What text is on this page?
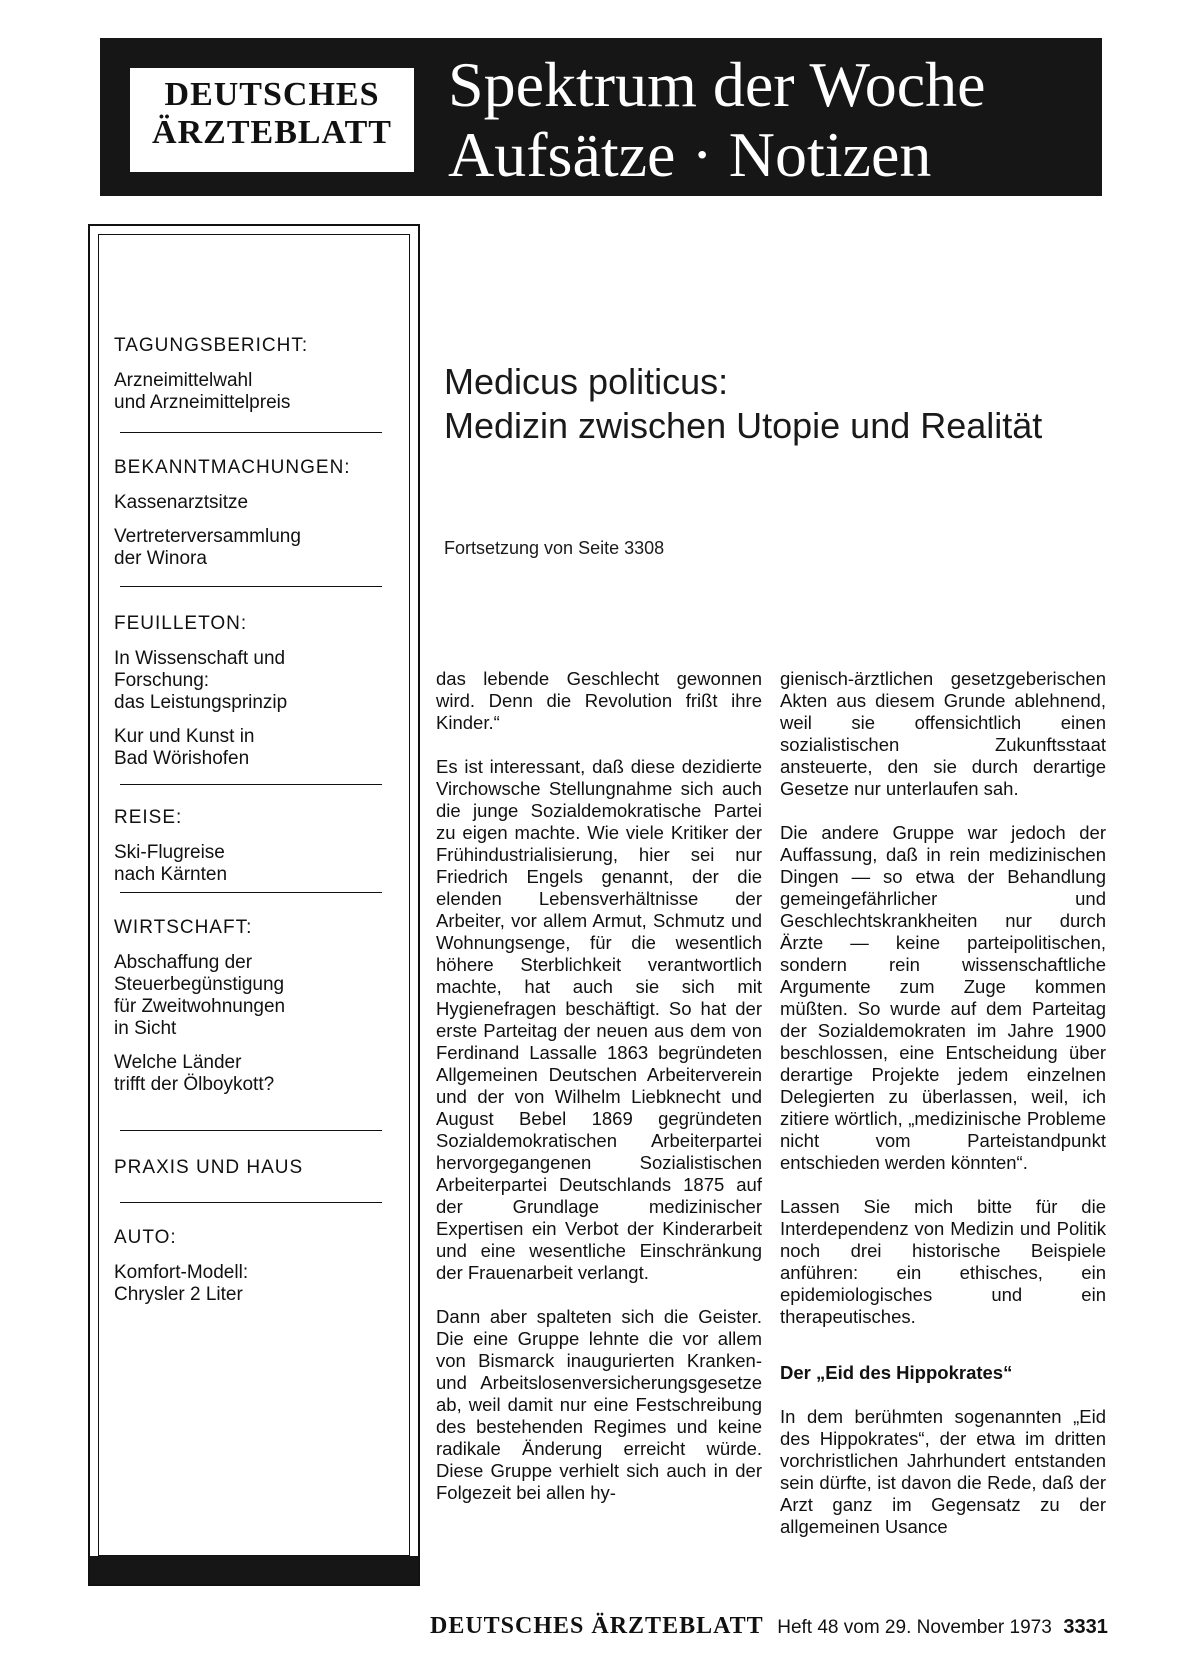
DEUTSCHES
ÄRZTEBLATT
Spektrum der Woche
Aufsätze · Notizen
TAGUNGSBERICHT:
Arzneimittelwahl
und Arzneimittelpreis
BEKANNTMACHUNGEN:
Kassenarztsitze
Vertreterversammlung
der Winora
FEUILLETON:
In Wissenschaft und
Forschung:
das Leistungsprinzip
Kur und Kunst in
Bad Wörishofen
REISE:
Ski-Flugreise
nach Kärnten
WIRTSCHAFT:
Abschaffung der
Steuerbegünstigung
für Zweitwohnungen
in Sicht
Welche Länder
trifft der Ölboykott?
PRAXIS UND HAUS
AUTO:
Komfort-Modell:
Chrysler 2 Liter
Medicus politicus:
Medizin zwischen Utopie und Realität
Fortsetzung von Seite 3308

das lebende Geschlecht gewonnen wird. Denn die Revolution frißt ihre Kinder.“

Es ist interessant, daß diese dezidierte Virchowsche Stellungnahme sich auch die junge Sozialdemokratische Partei zu eigen machte. Wie viele Kritiker der Frühindustrialisierung, hier sei nur Friedrich Engels genannt, der die elenden Lebensverhältnisse der Arbeiter, vor allem Armut, Schmutz und Wohnungsenge, für die wesentlich höhere Sterblichkeit verantwortlich machte, hat auch sie sich mit Hygienefragen beschäftigt. So hat der erste Parteitag der neuen aus dem von Ferdinand Lassalle 1863 begründeten Allgemeinen Deutschen Arbeiterverein und der von Wilhelm Liebknecht und August Bebel 1869 gegründeten Sozialdemokratischen Arbeiterpartei hervorgegangenen Sozialistischen Arbeiterpartei Deutschlands 1875 auf der Grundlage medizinischer Expertisen ein Verbot der Kinderarbeit und eine wesentliche Einschränkung der Frauenarbeit verlangt.

Dann aber spalteten sich die Geister. Die eine Gruppe lehnte die vor allem von Bismarck inaugurierten Kranken- und Arbeitslosenversicherungsgesetze ab, weil damit nur eine Festschreibung des bestehenden Regimes und keine radikale Änderung erreicht würde. Diese Gruppe verhielt sich auch in der Folgezeit bei allen hy-

gienisch-ärztlichen gesetzgeberischen Akten aus diesem Grunde ablehnend, weil sie offensichtlich einen sozialistischen Zukunftsstaat ansteuerte, den sie durch derartige Gesetze nur unterlaufen sah.

Die andere Gruppe war jedoch der Auffassung, daß in rein medizinischen Dingen — so etwa der Behandlung gemeingefährlicher und Geschlechtskrankheiten nur durch Ärzte — keine parteipolitischen, sondern rein wissenschaftliche Argumente zum Zuge kommen müßten. So wurde auf dem Parteitag der Sozialdemokraten im Jahre 1900 beschlossen, eine Entscheidung über derartige Projekte jedem einzelnen Delegierten zu überlassen, weil, ich zitiere wörtlich, „medizinische Probleme nicht vom Parteistandpunkt entschieden werden könnten“.

Lassen Sie mich bitte für die Interdependenz von Medizin und Politik noch drei historische Beispiele anführen: ein ethisches, ein epidemiologisches und ein therapeutisches.

Der „Eid des Hippokrates“

In dem berühmten sogenannten „Eid des Hippokrates“, der etwa im dritten vorchristlichen Jahrhundert entstanden sein dürfte, ist davon die Rede, daß der Arzt ganz im Gegensatz zu der allgemeinen Usance

DEUTSCHES ÄRZTEBLATT Heft 48 vom 29. November 1973 3331
